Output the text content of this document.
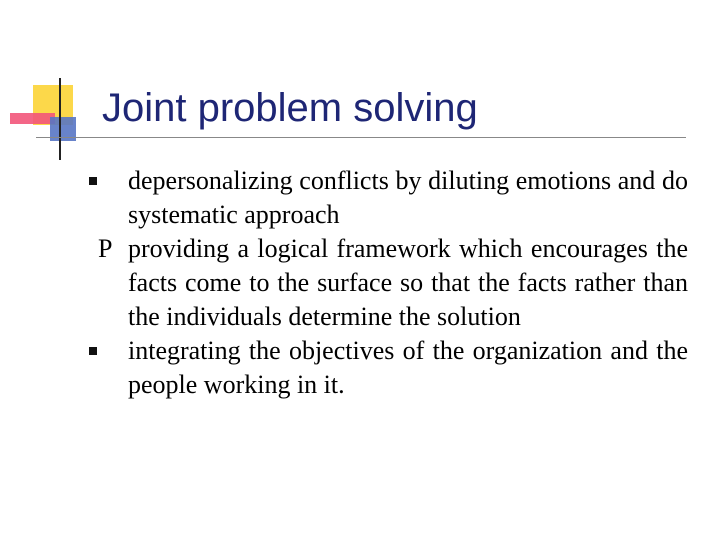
Joint problem solving
depersonalizing conflicts by diluting emotions and do systematic approach
P providing a logical framework which encourages the facts come to the surface so that the facts rather than the individuals determine the solution
integrating the objectives of the organization and the people working in it.
